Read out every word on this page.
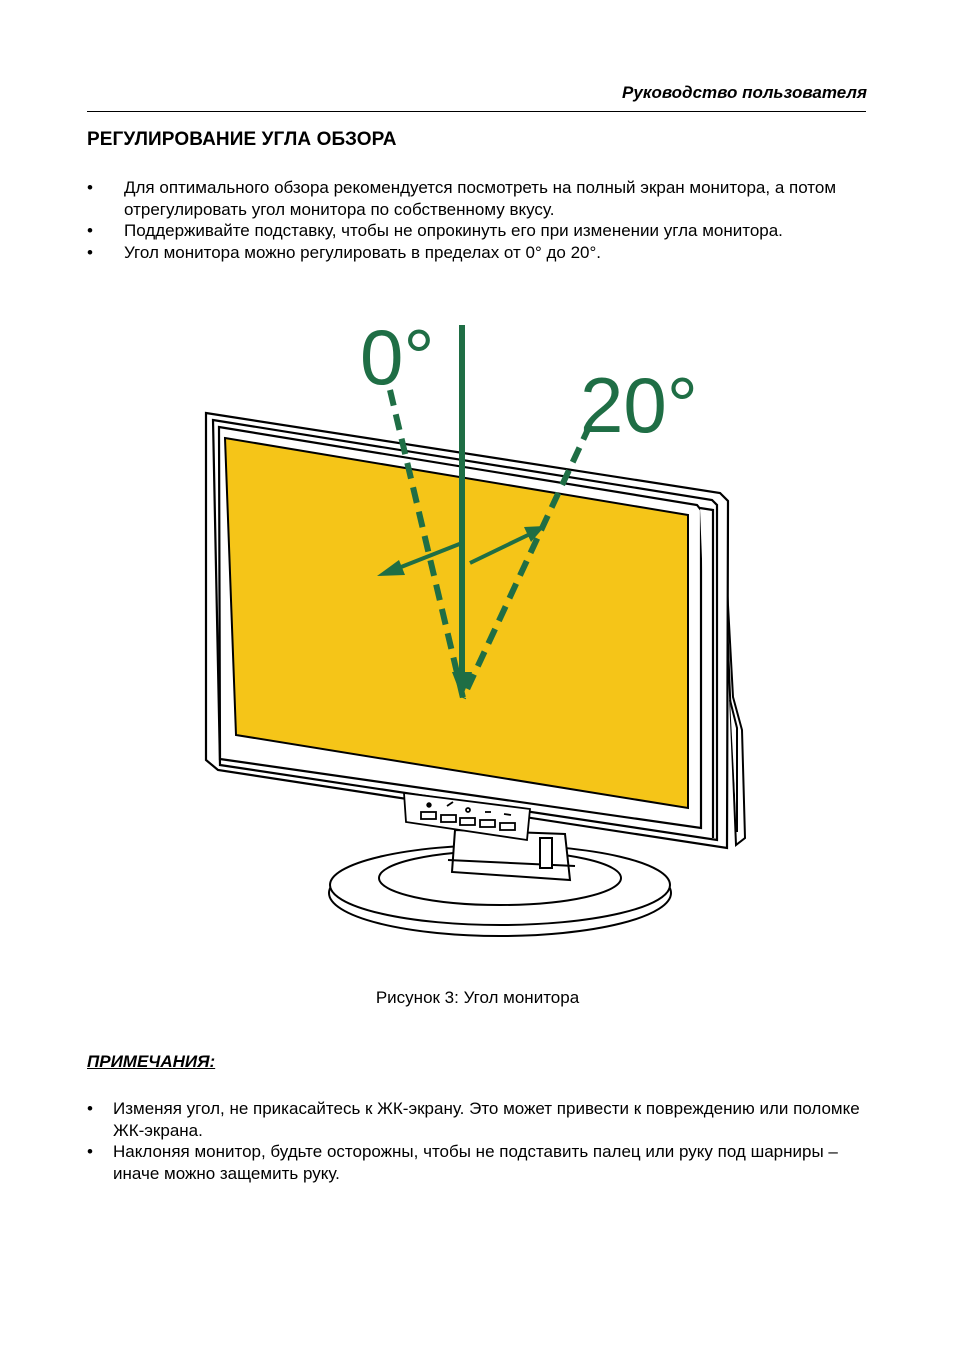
Руководство пользователя
РЕГУЛИРОВАНИЕ УГЛА ОБЗОРА
• Для оптимального обзора рекомендуется посмотреть на полный экран монитора, а потом отрегулировать угол монитора по собственному вкусу.
• Поддерживайте подставку, чтобы не опрокинуть его при изменении угла монитора.
• Угол монитора можно регулировать в пределах от 0° до 20°.
0°
20°
Рисунок 3: Угол монитора
ПРИМЕЧАНИЯ:
• Изменяя угол, не прикасайтесь к ЖК-экрану. Это может привести к повреждению или поломке ЖК-экрана.
• Наклоняя монитор, будьте осторожны, чтобы не подставить палец или руку под шарниры – иначе можно защемить руку.
